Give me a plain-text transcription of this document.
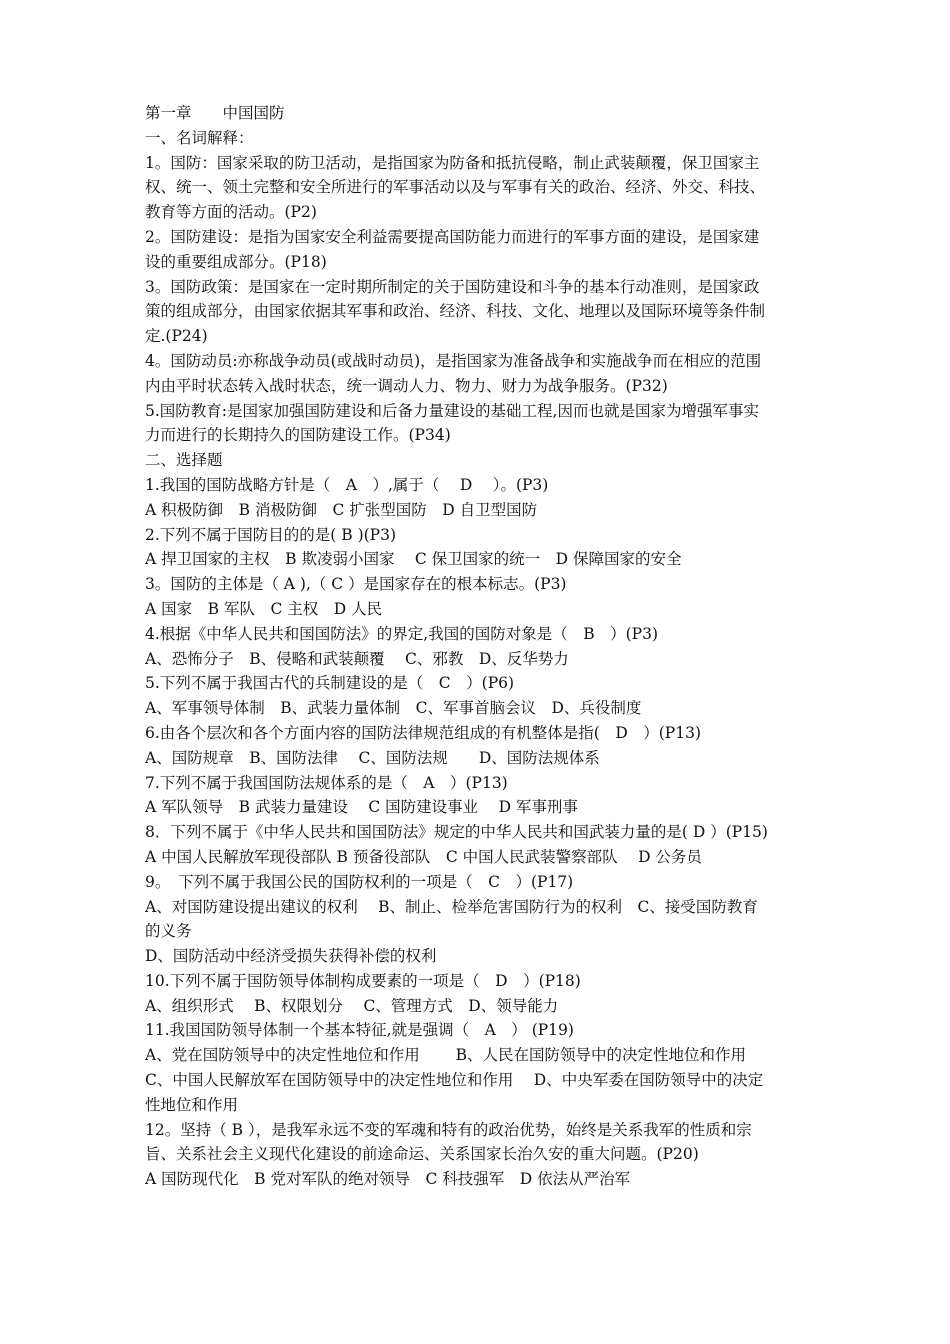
第一章　　中国国防

一、名词解释：

1。国防：国家采取的防卫活动，是指国家为防备和抵抗侵略，制止武装颠覆，保卫国家主

权、统一、领土完整和安全所进行的军事活动以及与军事有关的政治、经济、外交、科技、

教育等方面的活动。(P2)

2。国防建设：是指为国家安全利益需要提高国防能力而进行的军事方面的建设，是国家建

设的重要组成部分。(P18)

3。国防政策：是国家在一定时期所制定的关于国防建设和斗争的基本行动准则，是国家政

策的组成部分，由国家依据其军事和政治、经济、科技、文化、地理以及国际环境等条件制

定.(P24)

4。国防动员:亦称战争动员(或战时动员)，是指国家为准备战争和实施战争而在相应的范围

内由平时状态转入战时状态，统一调动人力、物力、财力为战争服务。(P32)

5.国防教育:是国家加强国防建设和后备力量建设的基础工程,因而也就是国家为增强军事实

力而进行的长期持久的国防建设工作。(P34)

二、选择题

1.我国的国防战略方针是（　A　）,属于（　 D　 ）。(P3)

A 积极防御　B 消极防御　C 扩张型国防　D 自卫型国防

2.下列不属于国防目的的是( B )(P3)

A 捍卫国家的主权　B 欺凌弱小国家　 C 保卫国家的统一　D 保障国家的安全

3。国防的主体是（ A ),（ C ）是国家存在的根本标志。(P3)

A 国家　B 军队　C 主权　D 人民

4.根据《中华人民共和国国防法》的界定,我国的国防对象是（　B　）(P3)

A、恐怖分子　B、侵略和武装颠覆　 C、邪教　D、反华势力

5.下列不属于我国古代的兵制建设的是（　C　）(P6)

A、军事领导体制　B、武装力量体制　C、军事首脑会议　D、兵役制度

6.由各个层次和各个方面内容的国防法律规范组成的有机整体是指(　D　）(P13)

A、国防规章　B、国防法律　 C、国防法规　　D、国防法规体系

7.下列不属于我国国防法规体系的是（　A　）(P13)

A 军队领导　B 武装力量建设　 C 国防建设事业　 D 军事刑事

8．下列不属于《中华人民共和国国防法》规定的中华人民共和国武装力量的是( D ）(P15)

A 中国人民解放军现役部队 B 预备役部队　C 中国人民武装警察部队　 D 公务员

9。　下列不属于我国公民的国防权利的一项是（　C　）(P17)

A、对国防建设提出建议的权利　 B、制止、检举危害国防行为的权利　C、接受国防教育

的义务

D、国防活动中经济受损失获得补偿的权利

10.下列不属于国防领导体制构成要素的一项是（　D　）(P18)

A、组织形式　 B、权限划分　 C、管理方式　D、领导能力

11.我国国防领导体制一个基本特征,就是强调（　A　） (P19)

A、党在国防领导中的决定性地位和作用　　 B、人民在国防领导中的决定性地位和作用

C、中国人民解放军在国防领导中的决定性地位和作用　 D、中央军委在国防领导中的决定

性地位和作用

12。坚持（ B ），是我军永远不变的军魂和特有的政治优势，始终是关系我军的性质和宗

旨、关系社会主义现代化建设的前途命运、关系国家长治久安的重大问题。(P20)

A 国防现代化　B 党对军队的绝对领导　C 科技强军　D 依法从严治军
